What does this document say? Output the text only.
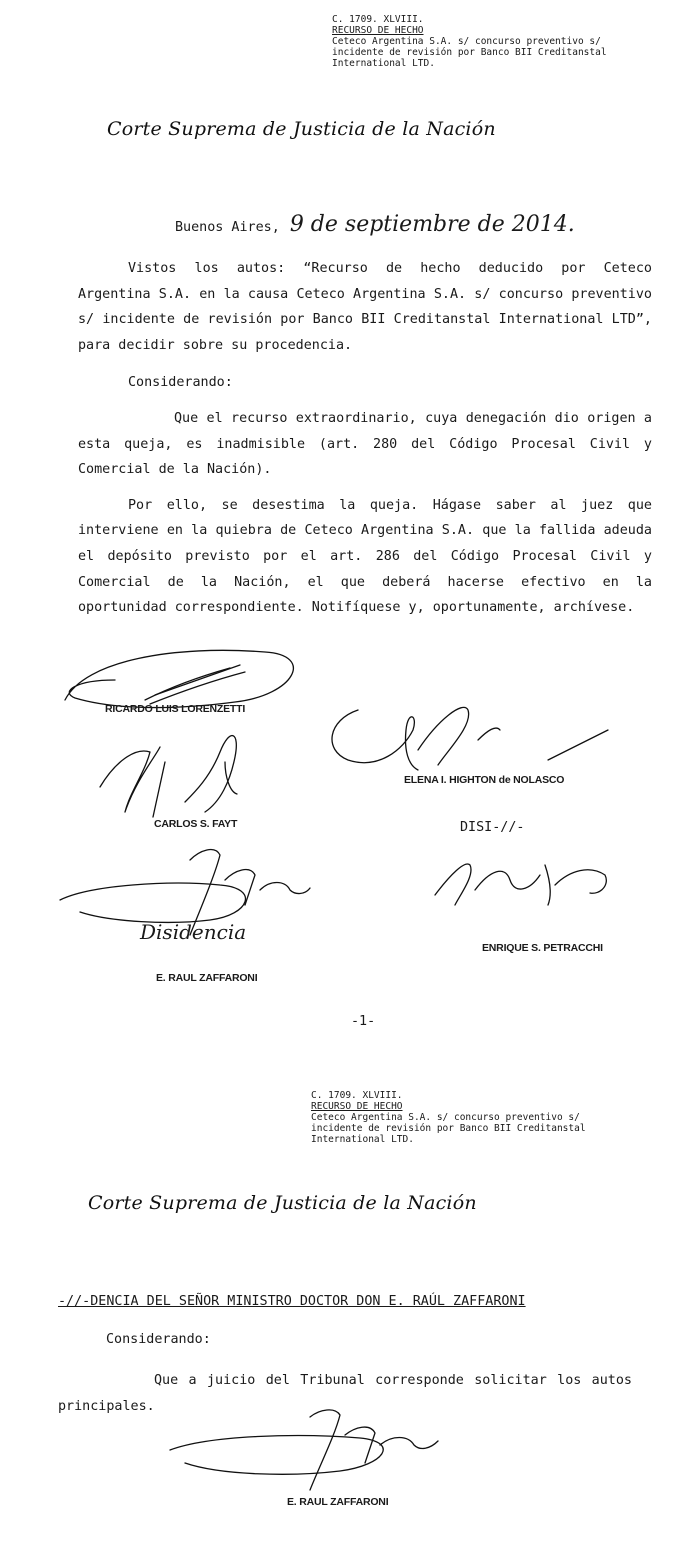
C. 1709. XLVIII.
RECURSO DE HECHO
Ceteco Argentina S.A. s/ concurso preventivo s/
incidente de revisión por Banco BII Creditanstal
International LTD.
Corte Suprema de Justicia de la Nación
Buenos Aires, 9 de septiembre de 2014.

Vistos los autos: “Recurso de hecho deducido por Ceteco Argentina S.A. en la causa Ceteco Argentina S.A. s/ concurso preventivo s/ incidente de revisión por Banco BII Creditanstal International LTD”, para decidir sobre su procedencia.

Considerando:

Que el recurso extraordinario, cuya denegación dio origen a esta queja, es inadmisible (art. 280 del Código Procesal Civil y Comercial de la Nación).

Por ello, se desestima la queja. Hágase saber al juez que interviene en la quiebra de Ceteco Argentina S.A. que la fallida adeuda el depósito previsto por el art. 286 del Código Procesal Civil y Comercial de la Nación, el que deberá hacerse efectivo en la oportunidad correspondiente. Notifíquese y, oportunamente, archívese.

RICARDO LUIS LORENZETTI
ELENA I. HIGHTON de NOLASCO
CARLOS S. FAYT	DISI-//-
Disidencia
ENRIQUE S. PETRACCHI
E. RAUL ZAFFARONI
-1-
C. 1709. XLVIII.
RECURSO DE HECHO
Ceteco Argentina S.A. s/ concurso preventivo s/
incidente de revisión por Banco BII Creditanstal
International LTD.
Corte Suprema de Justicia de la Nación
-//-DENCIA DEL SEÑOR MINISTRO DOCTOR DON E. RAÚL ZAFFARONI
Considerando:

Que a juicio del Tribunal corresponde solicitar los autos principales.

E. RAUL ZAFFARONI
